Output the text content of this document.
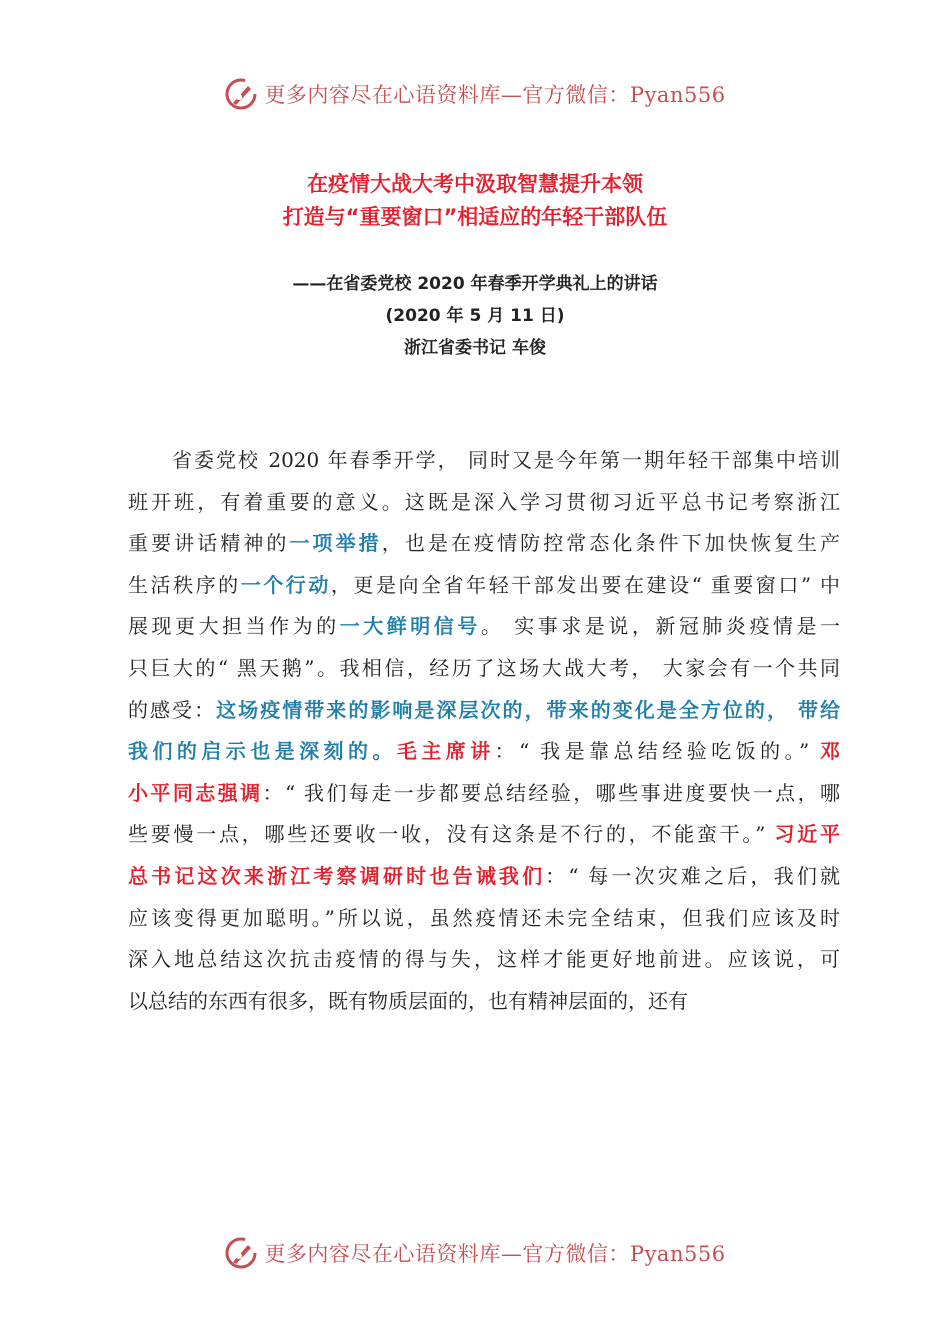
更多内容尽在心语资料库—官方微信：Pyan556
在疫情大战大考中汲取智慧提升本领
打造与“重要窗口”相适应的年轻干部队伍
——在省委党校 2020 年春季开学典礼上的讲话
(2020 年 5 月 11 日)
浙江省委书记 车俊
省委党校 2020 年春季开学， 同时又是今年第一期年轻干部集中培训
班开班，有着重要的意义。这既是深入学习贯彻习近平总书记考察浙江
重要讲话精神的一项举措，也是在疫情防控常态化条件下加快恢复生产
生活秩序的一个行动，更是向全省年轻干部发出要在建设“ 重要窗口” 中
展现更大担当作为的一大鲜明信号。 实事求是说，新冠肺炎疫情是一
只巨大的“ 黑天鹅”。我相信，经历了这场大战大考， 大家会有一个共同
的感受：这场疫情带来的影响是深层次的，带来的变化是全方位的， 带给
我们的启示也是深刻的。毛主席讲：“ 我是靠总结经验吃饭的。” 邓
小平同志强调：“ 我们每走一步都要总结经验，哪些事进度要快一点，哪
些要慢一点，哪些还要收一收，没有这条是不行的，不能蛮干。” 习近平
总书记这次来浙江考察调研时也告诫我们：“ 每一次灾难之后，我们就
应该变得更加聪明。”所以说，虽然疫情还未完全结束，但我们应该及时
深入地总结这次抗击疫情的得与失，这样才能更好地前进。应该说，可
以总结的东西有很多，既有物质层面的，也有精神层面的，还有
更多内容尽在心语资料库—官方微信：Pyan556
